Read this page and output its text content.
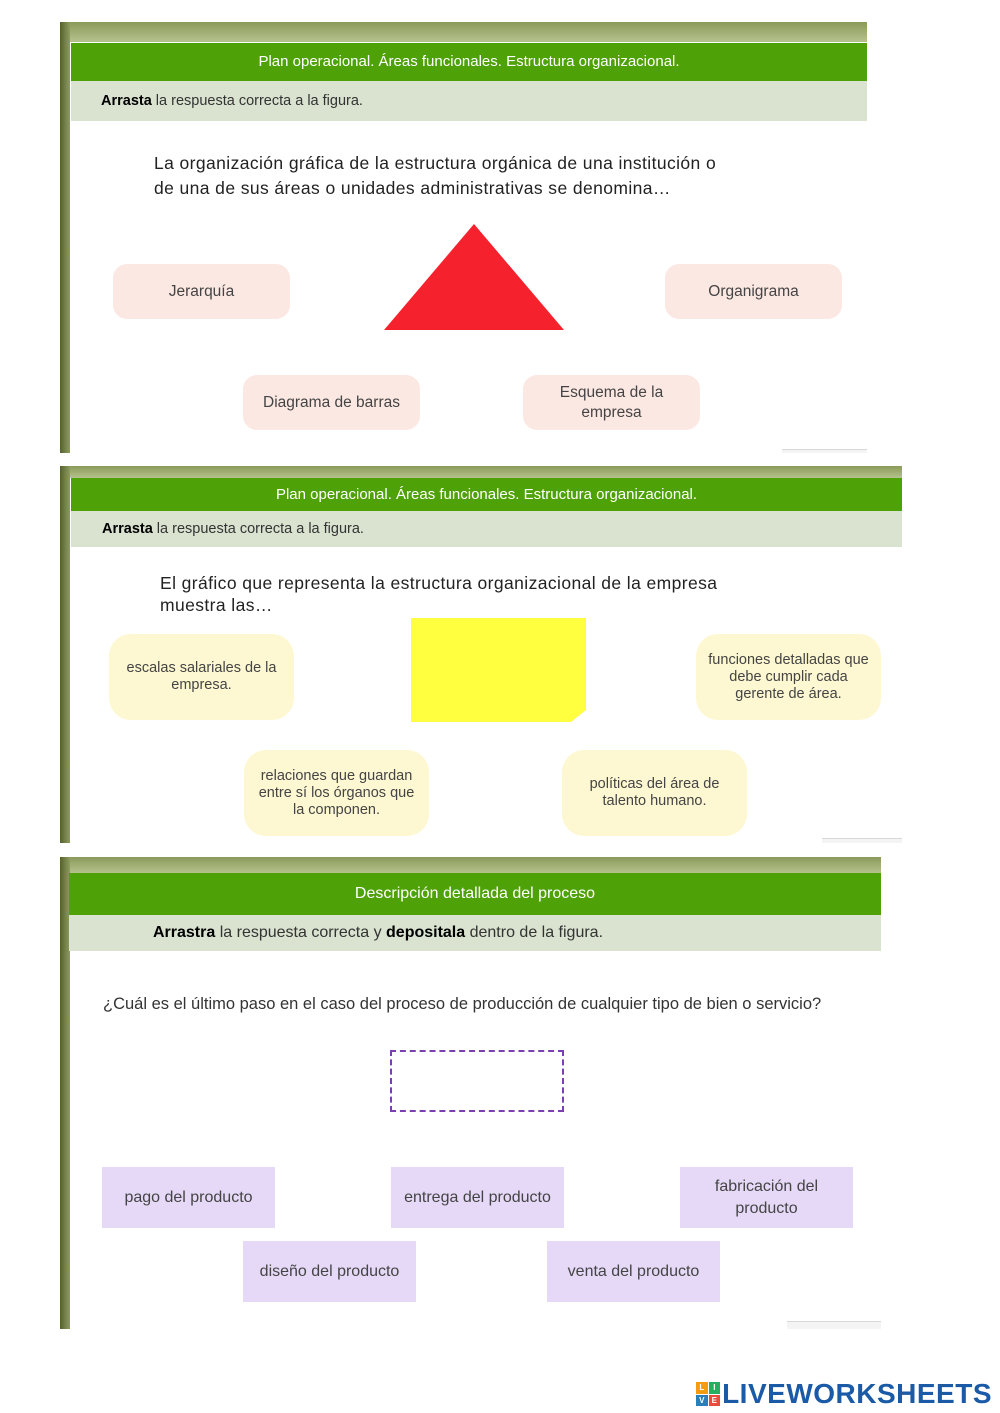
Plan operacional. Áreas funcionales. Estructura organizacional.
Arrasta la respuesta correcta a la figura.
La organización gráfica de la estructura orgánica de una institución o
de una de sus áreas o unidades administrativas se denomina…
Jerarquía	Organigrama
Diagrama de barras
Esquema de la empresa
Plan operacional. Áreas funcionales. Estructura organizacional.
Arrasta la respuesta correcta a la figura.
El gráfico que representa la estructura organizacional de la empresa
muestra las…
escalas salariales de la empresa.
funciones detalladas que debe cumplir cada gerente de área.
relaciones que guardan entre sí los órganos que la componen.
políticas del área de talento humano.
Descripción detallada del proceso
Arrastra la respuesta correcta y depositala dentro de la figura.
¿Cuál es el último paso en el caso del proceso de producción de cualquier tipo de bien o servicio?
pago del producto	entrega del producto
fabricación del producto
diseño del producto	venta del producto
L	I
V E LIVEWORKSHEETS
